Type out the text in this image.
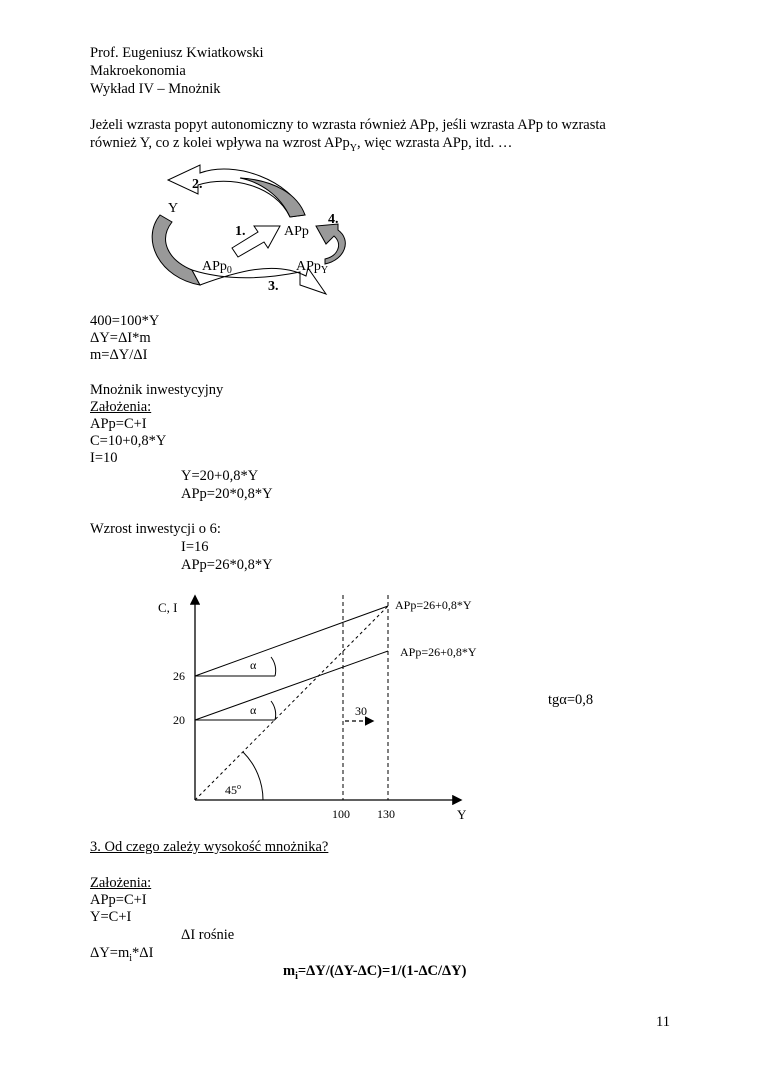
Prof. Eugeniusz Kwiatkowski
Makroekonomia
Wykład IV – Mnożnik
Jeżeli wzrasta popyt autonomiczny to wzrasta również APp, jeśli wzrasta APp to wzrasta
również Y, co z kolei wpływa na wzrost APp$_Y$, więc wzrasta APp, itd. …
2.
Y
1.	APp
4.
APp$_0$	APp$_Y$
3.
400=100*Y
ΔY=ΔI*m
m=ΔY/ΔI
Mnożnik inwestycyjny
Założenia:
APp=C+I
C=10+0,8*Y
I=10
Y=20+0,8*Y
APp=20*0,8*Y
Wzrost inwestycji o 6:
I=16
APp=26*0,8*Y
C, I
Y
α
α
45$^o$
26
20
100 130
APp=26+0,8*Y
APp=26+0,8*Y
30
tgα=0,8
3. Od czego zależy wysokość mnożnika?
Założenia:
APp=C+I
Y=C+I
ΔI rośnie
$\Delta Y=m_i*\Delta I$
$m_i=\Delta Y/(\Delta Y-\Delta C)=1/(1-\Delta C/\Delta Y)$
11
